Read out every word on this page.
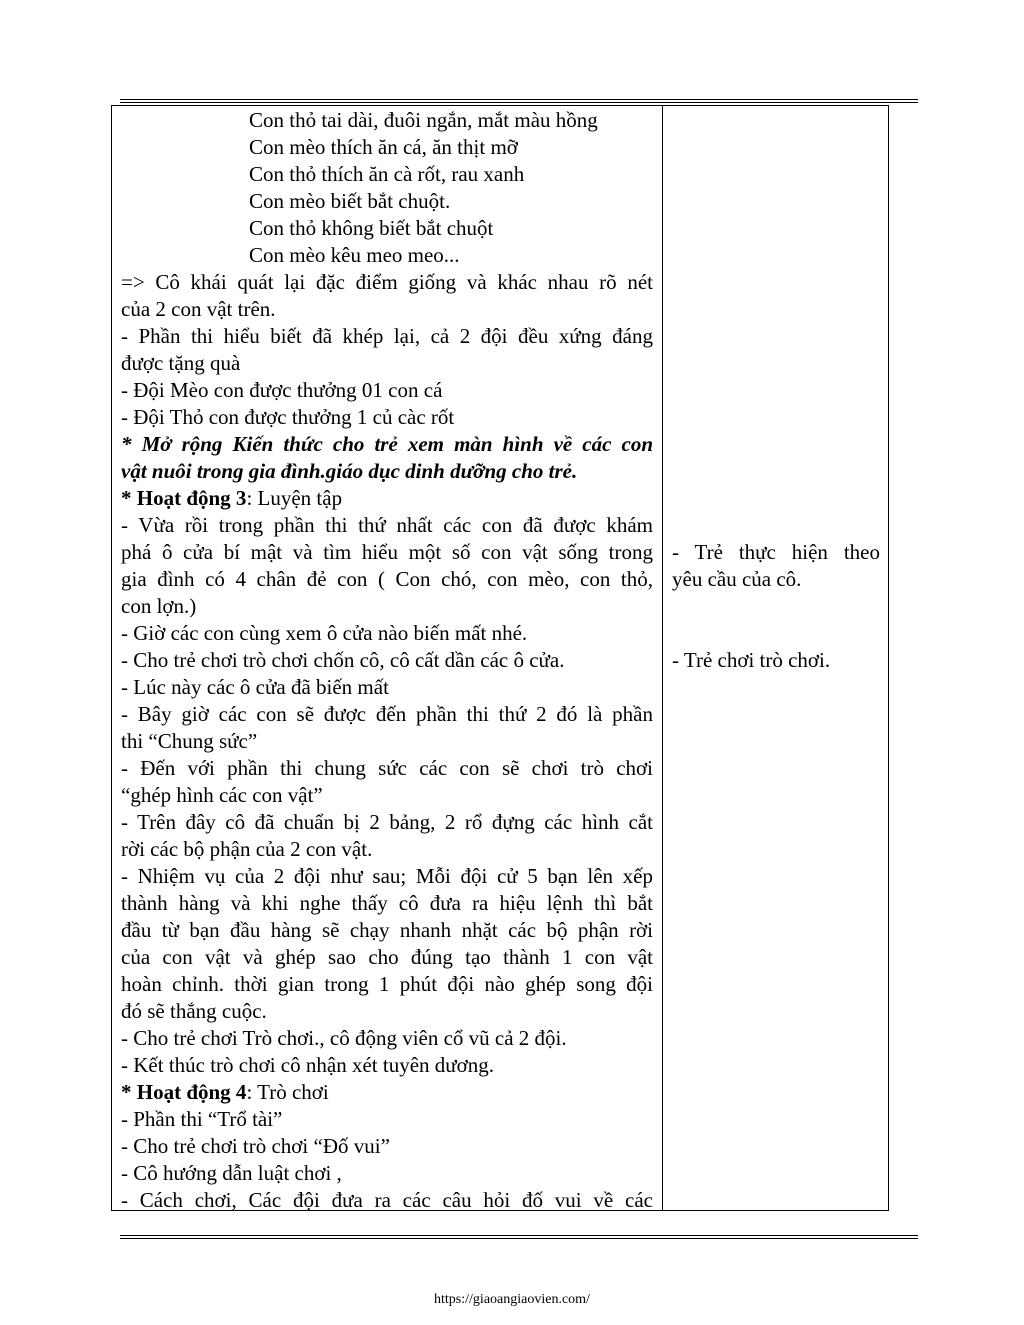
Con thỏ tai dài, đuôi ngắn, mắt màu hồng
Con mèo thích ăn cá, ăn thịt mỡ
Con thỏ thích ăn cà rốt, rau xanh
Con mèo biết bắt chuột.
Con thỏ không biết bắt chuột
Con mèo kêu meo meo...
=> Cô khái quát lại đặc điểm giống và khác nhau rõ nét
của 2 con vật trên.
- Phần thi hiểu biết đã khép lại, cả 2 đội đều xứng đáng
được tặng quà
- Đội Mèo con được thưởng 01 con cá
- Đội Thỏ con được thưởng 1 củ càc rốt
* Mở rộng Kiến thức cho trẻ xem màn hình về các con
vật nuôi trong gia đình.giáo dục dinh dưỡng cho trẻ.
* Hoạt động 3: Luyện tập
- Vừa rồi trong phần thi thứ nhất các con đã được khám
phá ô cửa bí mật và tìm hiểu một số con vật sống trong
gia đình có 4 chân đẻ con ( Con chó, con mèo, con thỏ,
con lợn.)
- Giờ các con cùng xem ô cửa nào biến mất nhé.
- Cho trẻ chơi trò chơi chốn cô, cô cất dần các ô cửa.
- Lúc này các ô cửa đã biến mất
- Bây giờ các con sẽ được đến phần thi thứ 2 đó là phần
thi “Chung sức”
- Đến với phần thi chung sức các con sẽ chơi trò chơi
“ghép hình các con vật”
- Trên đây cô đã chuẩn bị 2 bảng, 2 rổ đựng các hình cắt
rời các bộ phận của 2 con vật.
- Nhiệm vụ của 2 đội như sau; Mỗi đội cử 5 bạn lên xếp
thành hàng và khi nghe thấy cô đưa ra hiệu lệnh thì bắt
đầu từ bạn đầu hàng sẽ chạy nhanh nhặt các bộ phận rời
của con vật và ghép sao cho đúng tạo thành 1 con vật
hoàn chỉnh. thời gian trong 1 phút đội nào ghép song đội
đó sẽ thắng cuộc.
- Cho trẻ chơi Trò chơi., cô động viên cổ vũ cả 2 đội.
- Kết thúc trò chơi cô nhận xét tuyên dương.
* Hoạt động 4: Trò chơi
- Phần thi “Trổ tài”
- Cho trẻ chơi trò chơi “Đố vui”
- Cô hướng dẫn luật chơi ,
- Cách chơi, Các đội đưa ra các câu hỏi đố vui về các
- Trẻ thực hiện theo
yêu cầu của cô.
- Trẻ chơi trò chơi.
https://giaoangiaovien.com/
